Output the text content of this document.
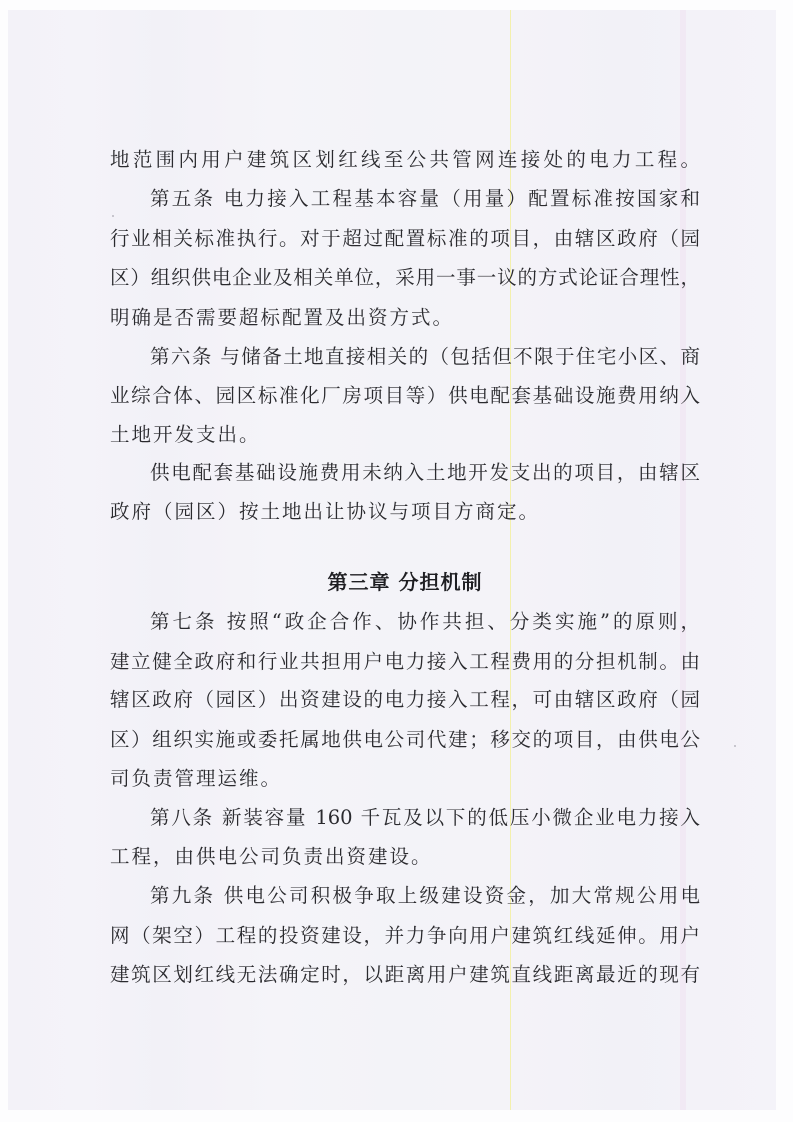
地范围内用户建筑区划红线至公共管网连接处的电力工程。
第五条 电力接入工程基本容量（用量）配置标准按国家和
行业相关标准执行。对于超过配置标准的项目，由辖区政府（园
区）组织供电企业及相关单位，采用一事一议的方式论证合理性，
明确是否需要超标配置及出资方式。
第六条 与储备土地直接相关的（包括但不限于住宅小区、商
业综合体、园区标准化厂房项目等）供电配套基础设施费用纳入
土地开发支出。
供电配套基础设施费用未纳入土地开发支出的项目，由辖区
政府（园区）按土地出让协议与项目方商定。
第三章 分担机制
第七条 按照“政企合作、协作共担、分类实施”的原则，
建立健全政府和行业共担用户电力接入工程费用的分担机制。由
辖区政府（园区）出资建设的电力接入工程，可由辖区政府（园
区）组织实施或委托属地供电公司代建；移交的项目，由供电公
司负责管理运维。
第八条 新装容量 160 千瓦及以下的低压小微企业电力接入
工程，由供电公司负责出资建设。
第九条 供电公司积极争取上级建设资金，加大常规公用电
网（架空）工程的投资建设，并力争向用户建筑红线延伸。用户
建筑区划红线无法确定时，以距离用户建筑直线距离最近的现有
